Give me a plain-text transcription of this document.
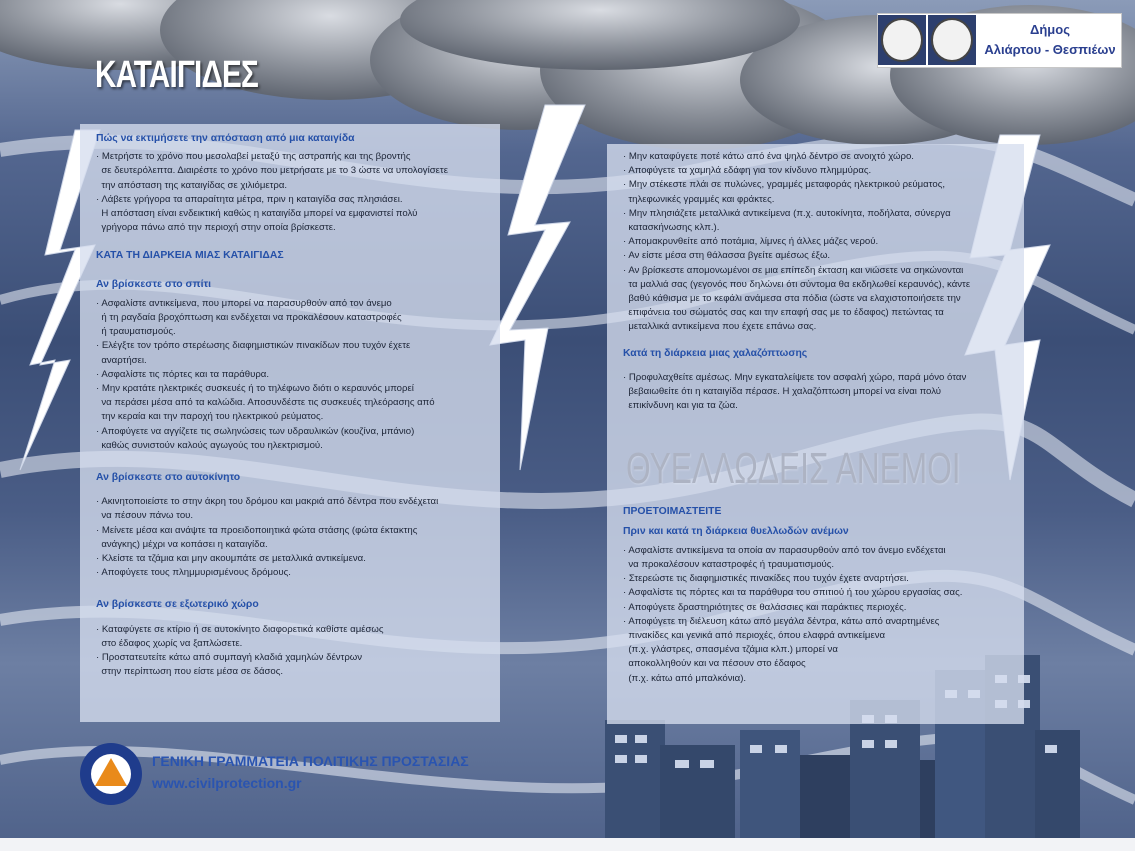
ΚΑΤΑΙΓΙΔΕΣ
Δήμος
Αλιάρτου - Θεσπιέων

Πώς να εκτιμήσετε την απόσταση από μια καταιγίδα

· Μετρήστε το χρόνο που μεσολαβεί μεταξύ της αστραπής και της βροντής

σε δευτερόλεπτα. Διαιρέστε το χρόνο που μετρήσατε με το 3 ώστε να υπολογίσετε

την απόσταση της καταιγίδας σε χιλιόμετρα.

· Λάβετε γρήγορα τα απαραίτητα μέτρα, πριν η καταιγίδα σας πλησιάσει.

Η απόσταση είναι ενδεικτική καθώς η καταιγίδα μπορεί να εμφανιστεί πολύ

γρήγορα πάνω από την περιοχή στην οποία βρίσκεστε.

ΚΑΤΑ ΤΗ ΔΙΑΡΚΕΙΑ ΜΙΑΣ ΚΑΤΑΙΓΙΔΑΣ

Αν βρίσκεστε στο σπίτι

· Ασφαλίστε αντικείμενα, που μπορεί να παρασυρθούν από τον άνεμο

ή τη ραγδαία βροχόπτωση και ενδέχεται να προκαλέσουν καταστροφές

ή τραυματισμούς.

· Ελέγξτε τον τρόπο στερέωσης διαφημιστικών πινακίδων που τυχόν έχετε

αναρτήσει.

· Ασφαλίστε τις πόρτες και τα παράθυρα.

· Μην κρατάτε ηλεκτρικές συσκευές ή το τηλέφωνο διότι ο κεραυνός μπορεί

να περάσει μέσα από τα καλώδια. Αποσυνδέστε τις συσκευές τηλεόρασης από

την κεραία και την παροχή του ηλεκτρικού ρεύματος.

· Αποφύγετε να αγγίζετε τις σωληνώσεις των υδραυλικών (κουζίνα, μπάνιο)

καθώς συνιστούν καλούς αγωγούς του ηλεκτρισμού.

Αν βρίσκεστε στο αυτοκίνητο

· Ακινητοποιείστε το στην άκρη του δρόμου και μακριά από δέντρα που ενδέχεται

να πέσουν πάνω του.

· Μείνετε μέσα και ανάψτε τα προειδοποιητικά φώτα στάσης (φώτα έκτακτης

ανάγκης) μέχρι να κοπάσει η καταιγίδα.

· Κλείστε τα τζάμια και μην ακουμπάτε σε μεταλλικά αντικείμενα.

· Αποφύγετε τους πλημμυρισμένους δρόμους.

Αν βρίσκεστε σε εξωτερικό χώρο

· Καταφύγετε σε κτίριο ή σε αυτοκίνητο διαφορετικά καθίστε αμέσως

στο έδαφος χωρίς να ξαπλώσετε.

· Προστατευτείτε κάτω από συμπαγή κλαδιά χαμηλών δέντρων

στην περίπτωση που είστε μέσα σε δάσος.

· Μην καταφύγετε ποτέ κάτω από ένα ψηλό δέντρο σε ανοιχτό χώρο.

· Αποφύγετε τα χαμηλά εδάφη για τον κίνδυνο πλημμύρας.

· Μην στέκεστε πλάι σε πυλώνες, γραμμές μεταφοράς ηλεκτρικού ρεύματος,

τηλεφωνικές γραμμές και φράκτες.

· Μην πλησιάζετε μεταλλικά αντικείμενα (π.χ. αυτοκίνητα, ποδήλατα, σύνεργα

κατασκήνωσης κλπ.).

· Απομακρυνθείτε από ποτάμια, λίμνες ή άλλες μάζες νερού.

· Αν είστε μέσα στη θάλασσα βγείτε αμέσως έξω.

· Αν βρίσκεστε απομονωμένοι σε μια επίπεδη έκταση και νιώσετε να σηκώνονται

τα μαλλιά σας (γεγονός που δηλώνει ότι σύντομα θα εκδηλωθεί κεραυνός), κάντε

βαθύ κάθισμα με το κεφάλι ανάμεσα στα πόδια (ώστε να ελαχιστοποιήσετε την

επιφάνεια του σώματός σας και την επαφή σας με το έδαφος) πετώντας τα

μεταλλικά αντικείμενα που έχετε επάνω σας.

Κατά τη διάρκεια μιας χαλαζόπτωσης

· Προφυλαχθείτε αμέσως. Μην εγκαταλείψετε τον ασφαλή χώρο, παρά μόνο όταν

βεβαιωθείτε ότι η καταιγίδα πέρασε. Η χαλαζόπτωση μπορεί να είναι πολύ

επικίνδυνη και για τα ζώα.

ΠΡΟΕΤΟΙΜΑΣΤΕΙΤΕ

Πριν και κατά τη διάρκεια θυελλωδών ανέμων

· Ασφαλίστε αντικείμενα τα οποία αν παρασυρθούν από τον άνεμο ενδέχεται

να προκαλέσουν καταστροφές ή τραυματισμούς.

· Στερεώστε τις διαφημιστικές πινακίδες που τυχόν έχετε αναρτήσει.

· Ασφαλίστε τις πόρτες και τα παράθυρα του σπιτιού ή του χώρου εργασίας σας.

· Αποφύγετε δραστηριότητες σε θαλάσσιες και παράκτιες περιοχές.

· Αποφύγετε τη διέλευση κάτω από μεγάλα δέντρα, κάτω από αναρτημένες

πινακίδες και γενικά από περιοχές, όπου ελαφρά αντικείμενα

(π.χ. γλάστρες, σπασμένα τζάμια κλπ.) μπορεί να

αποκολληθούν και να πέσουν στο έδαφος

(π.χ. κάτω από μπαλκόνια).

ΓΕΝΙΚΗ ΓΡΑΜΜΑΤΕΙΑ ΠΟΛΙΤΙΚΗΣ ΠΡΟΣΤΑΣΙΑΣ
www.civilprotection.gr
